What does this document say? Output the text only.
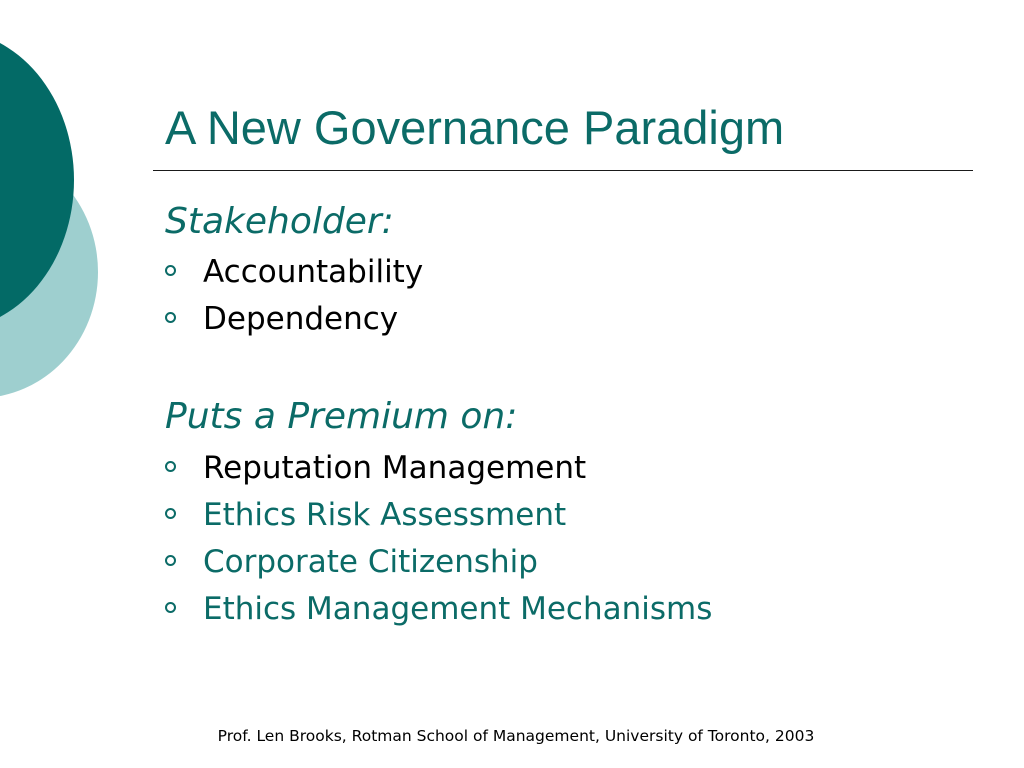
A New Governance Paradigm
Stakeholder:
Accountability
Dependency
Puts a Premium on:
Reputation Management
Ethics Risk Assessment
Corporate Citizenship
Ethics Management Mechanisms
Prof. Len Brooks, Rotman School of Management, University of Toronto, 2003
